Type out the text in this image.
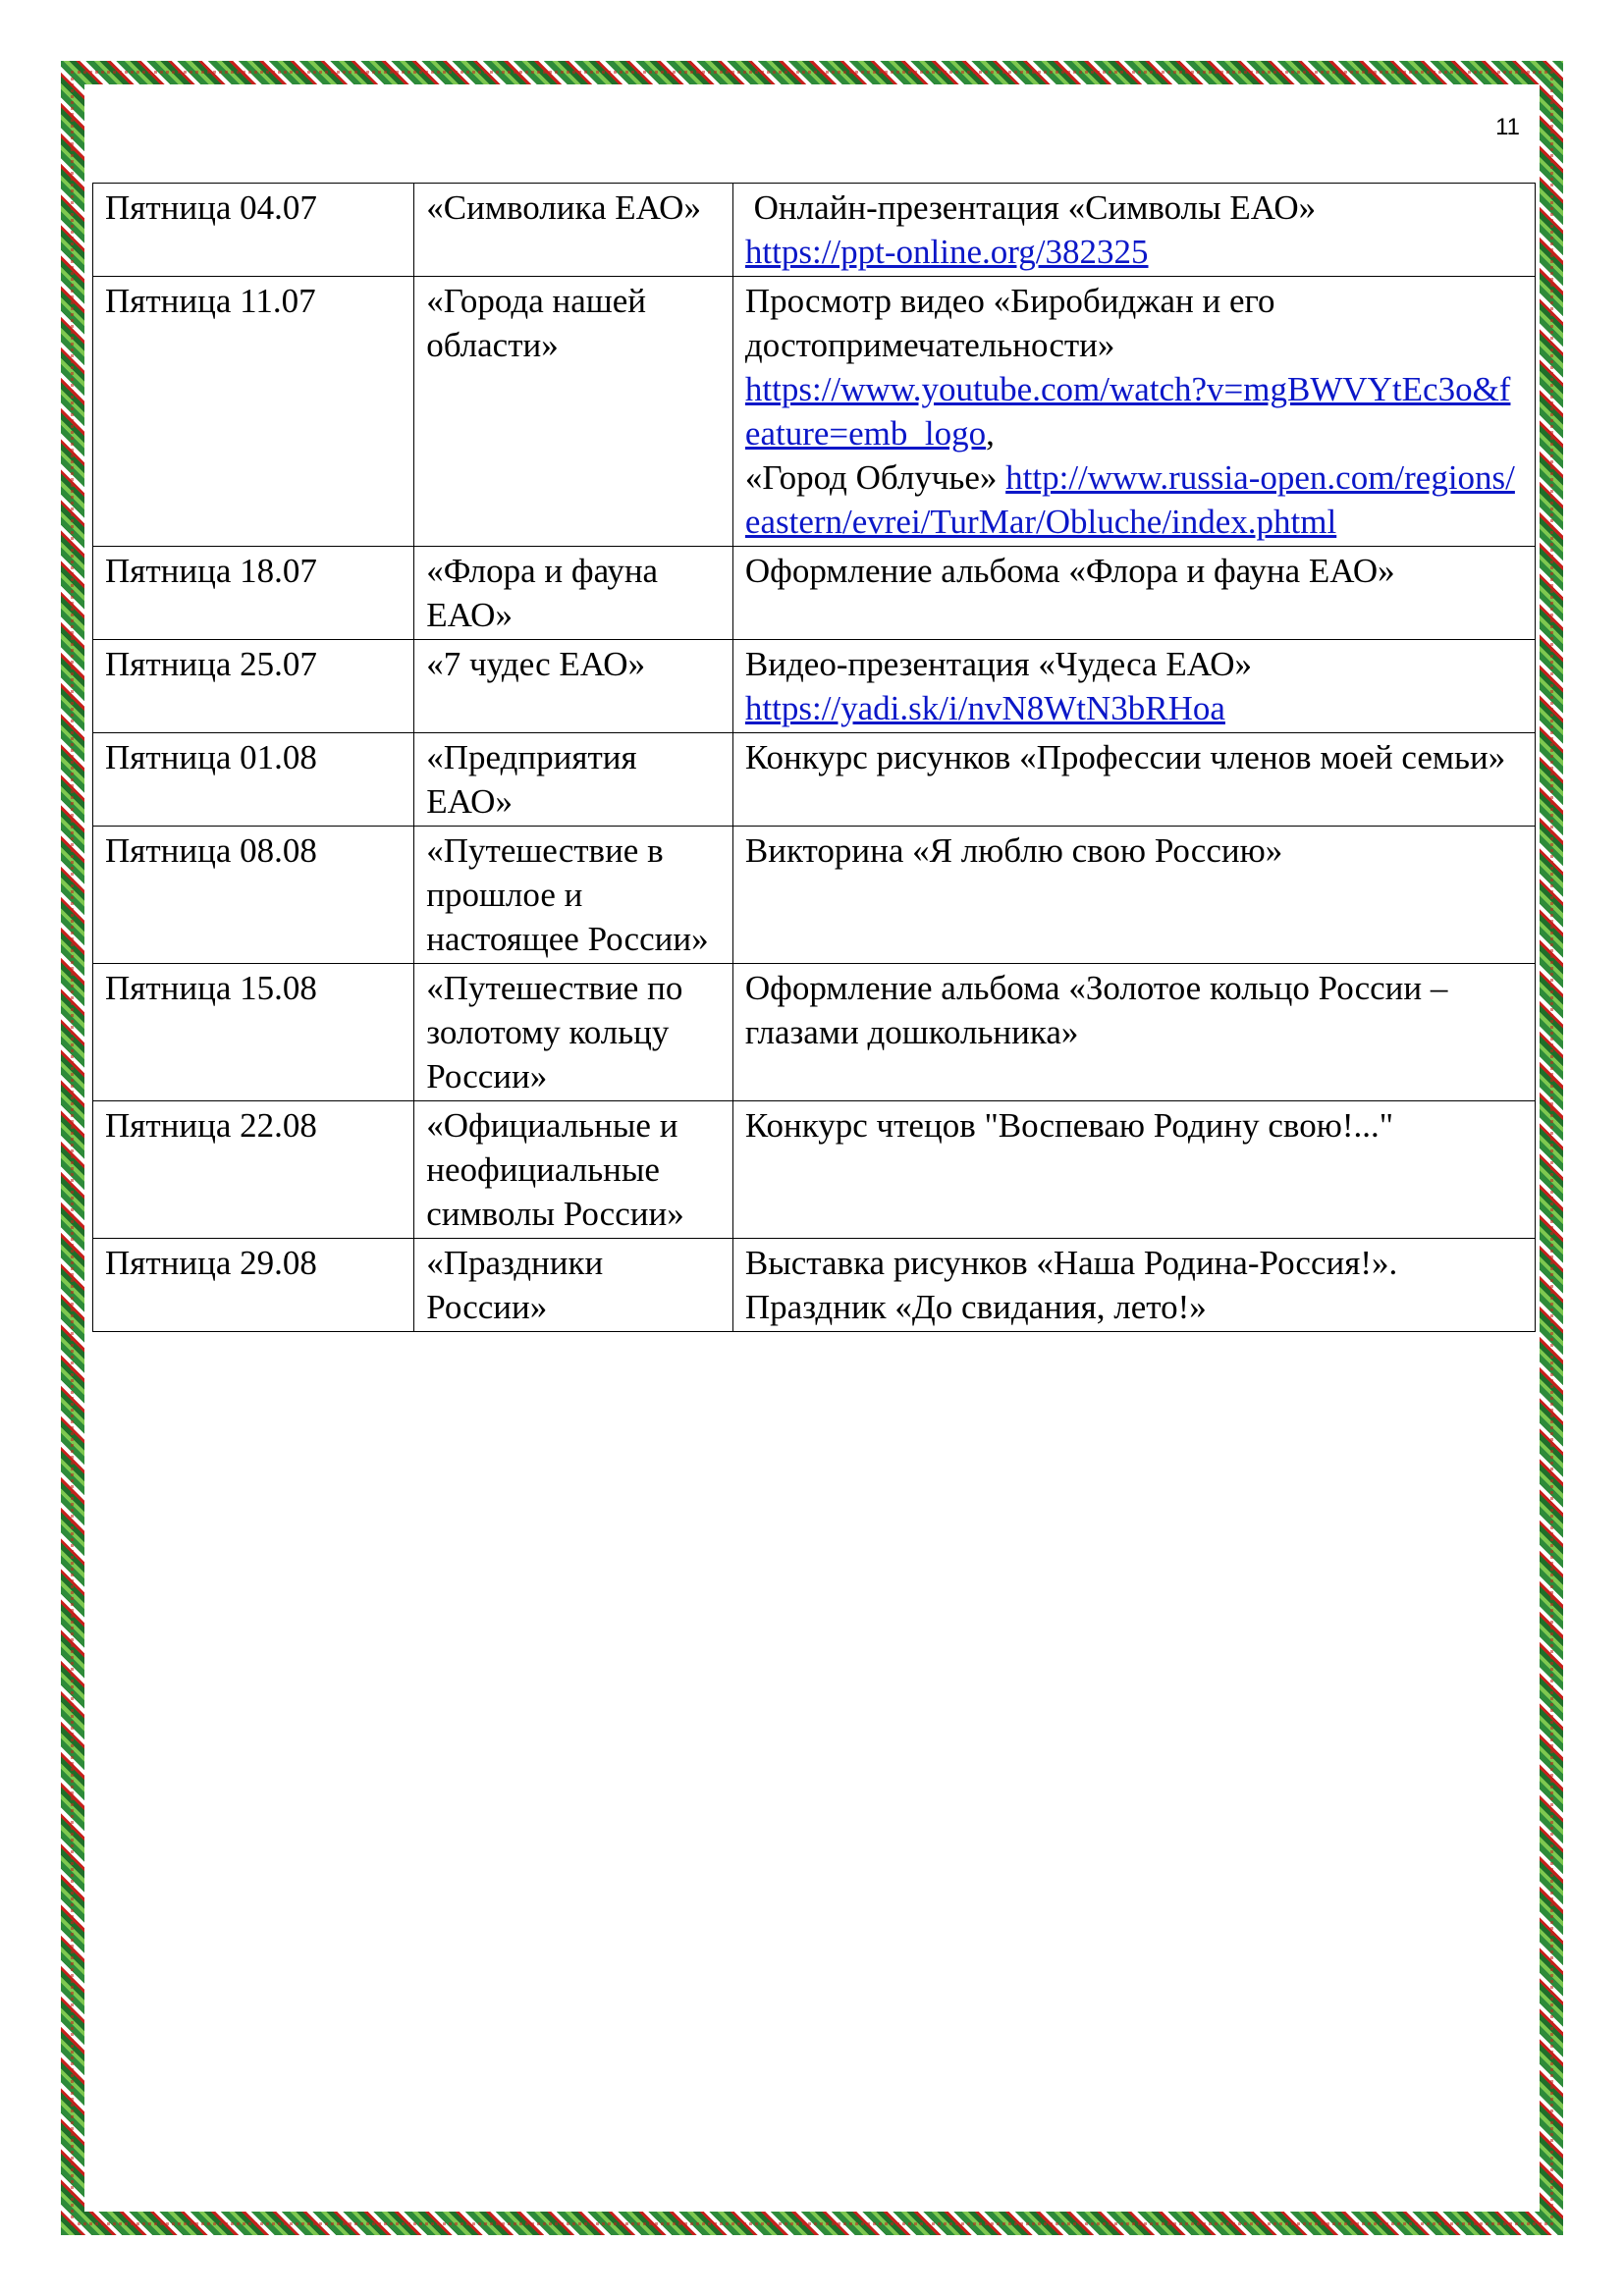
11
Пятница 04.07	«Символика ЕАО»	Онлайн-презентация «Символы ЕАО»
https://ppt-online.org/382325

Пятница 11.07	«Города нашей области»	Просмотр видео «Биробиджан и его достопримечательности»
https://www.youtube.com/watch?v=mgBWVYtEc3o&feature=emb_logo,
«Город Облучье» http://www.russia-open.com/regions/eastern/evrei/TurMar/Obluche/index.phtml

Пятница 18.07	«Флора и фауна ЕАО»	Оформление альбома «Флора и фауна ЕАО»

Пятница 25.07	«7 чудес ЕАО»	Видео-презентация «Чудеса ЕАО»
https://yadi.sk/i/nvN8WtN3bRHoa

Пятница 01.08	«Предприятия ЕАО»	Конкурс рисунков «Профессии членов моей семьи»

Пятница 08.08	«Путешествие в прошлое и настоящее России»	Викторина «Я люблю свою Россию»

Пятница 15.08	«Путешествие по золотому кольцу России»	Оформление альбома «Золотое кольцо России – глазами дошкольника»

Пятница 22.08	«Официальные и неофициальные символы России»	Конкурс чтецов "Воспеваю Родину свою!..."

Пятница 29.08	«Праздники России»	Выставка рисунков «Наша Родина-Россия!».
Праздник «До свидания, лето!»
